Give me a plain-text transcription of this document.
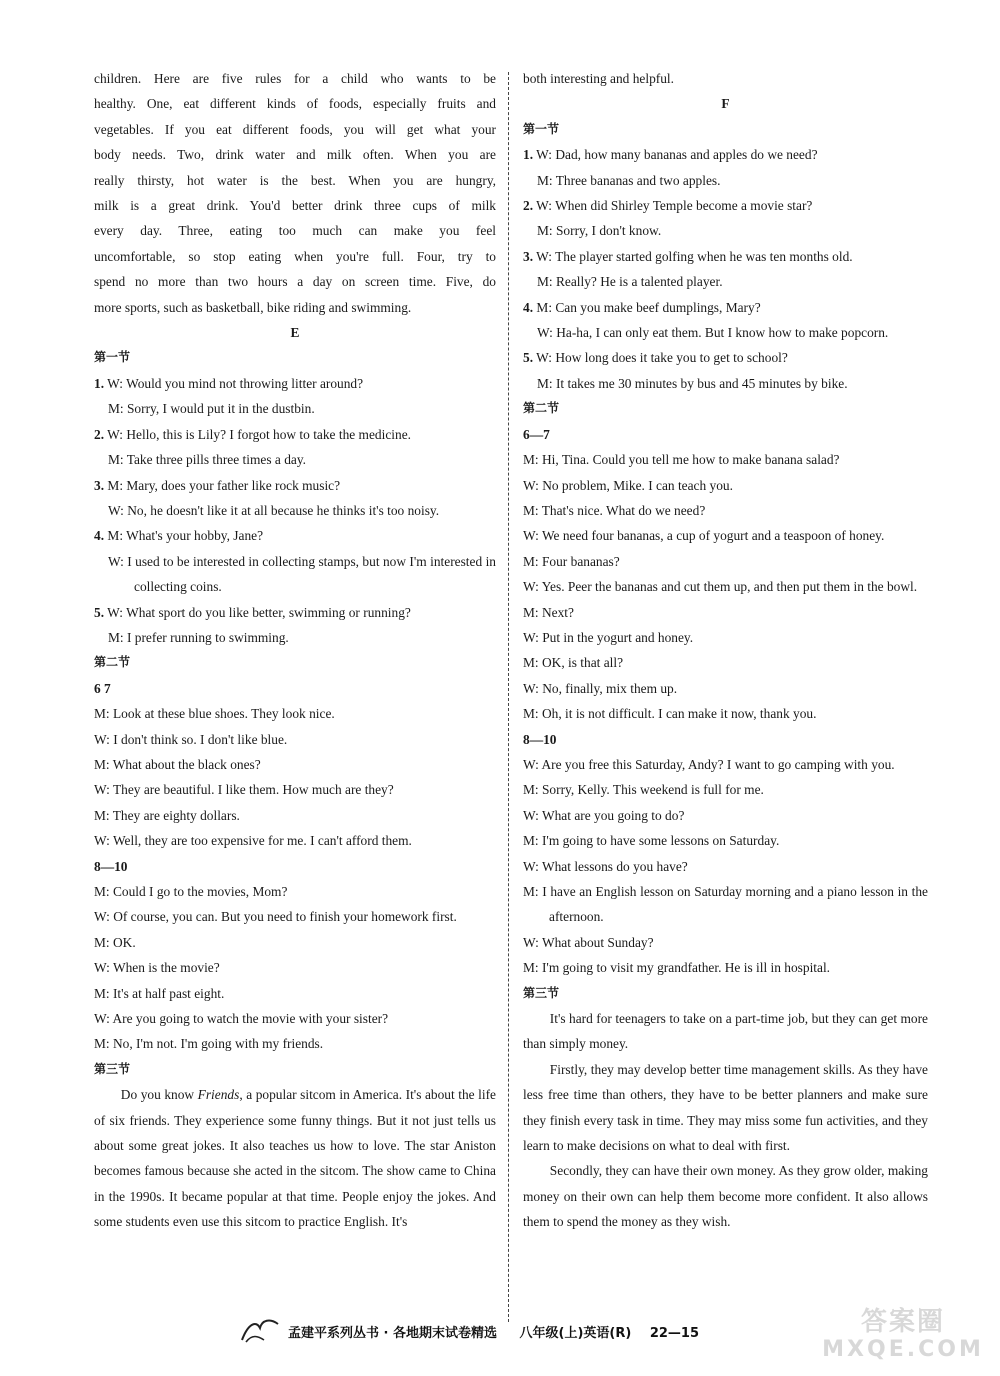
children. Here are five rules for a child who wants to be

healthy. One, eat different kinds of foods, especially fruits and

vegetables. If you eat different foods, you will get what your

body needs. Two, drink water and milk often. When you are

really thirsty, hot water is the best. When you are hungry,

milk is a great drink. You'd better drink three cups of milk

every day. Three, eating too much can make you feel

uncomfortable, so stop eating when you're full. Four, try to

spend no more than two hours a day on screen time. Five, do

more sports, such as basketball, bike riding and swimming.

E

第一节

1. W: Would you mind not throwing litter around?

M: Sorry, I would put it in the dustbin.

2. W: Hello, this is Lily? I forgot how to take the medicine.

M: Take three pills three times a day.

3. M: Mary, does your father like rock music?

W: No, he doesn't like it at all because he thinks it's too noisy.

4. M: What's your hobby, Jane?

W: I used to be interested in collecting stamps, but now I'm interested in collecting coins.

5. W: What sport do you like better, swimming or running?

M: I prefer running to swimming.

第二节

6 7

M: Look at these blue shoes. They look nice.

W: I don't think so. I don't like blue.

M: What about the black ones?

W: They are beautiful. I like them. How much are they?

M: They are eighty dollars.

W: Well, they are too expensive for me. I can't afford them.

8—10

M: Could I go to the movies, Mom?

W: Of course, you can. But you need to finish your homework first.

M: OK.

W: When is the movie?

M: It's at half past eight.

W: Are you going to watch the movie with your sister?

M: No, I'm not. I'm going with my friends.

第三节

Do you know Friends, a popular sitcom in America. It's about the life of six friends. They experience some funny things. But it not just tells us about some great jokes. It also teaches us how to love. The star Aniston becomes famous because she acted in the sitcom. The show came to China in the 1990s. It became popular at that time. People enjoy the jokes. And some students even use this sitcom to practice English. It's

both interesting and helpful.

F

第一节

1. W: Dad, how many bananas and apples do we need?

M: Three bananas and two apples.

2. W: When did Shirley Temple become a movie star?

M: Sorry, I don't know.

3. W: The player started golfing when he was ten months old.

M: Really? He is a talented player.

4. M: Can you make beef dumplings, Mary?

W: Ha-ha, I can only eat them. But I know how to make popcorn.

5. W: How long does it take you to get to school?

M: It takes me 30 minutes by bus and 45 minutes by bike.

第二节

6—7

M: Hi, Tina. Could you tell me how to make banana salad?

W: No problem, Mike. I can teach you.

M: That's nice. What do we need?

W: We need four bananas, a cup of yogurt and a teaspoon of honey.

M: Four bananas?

W: Yes. Peer the bananas and cut them up, and then put them in the bowl.

M: Next?

W: Put in the yogurt and honey.

M: OK, is that all?

W: No, finally, mix them up.

M: Oh, it is not difficult. I can make it now, thank you.

8—10

W: Are you free this Saturday, Andy? I want to go camping with you.

M: Sorry, Kelly. This weekend is full for me.

W: What are you going to do?

M: I'm going to have some lessons on Saturday.

W: What lessons do you have?

M: I have an English lesson on Saturday morning and a piano lesson in the afternoon.

W: What about Sunday?

M: I'm going to visit my grandfather. He is ill in hospital.

第三节

It's hard for teenagers to take on a part-time job, but they can get more than simply money.

Firstly, they may develop better time management skills. As they have less free time than others, they have to be better planners and make sure they finish every task in time. They may miss some fun activities, and they learn to make decisions on what to deal with first.

Secondly, they can have their own money. As they grow older, making money on their own can help them become more confident. It also allows them to spend the money as they wish.

孟建平系列丛书 · 各地期末试卷精选 八年级(上)英语(R) 22—15	答案圈
MXQE.COM
